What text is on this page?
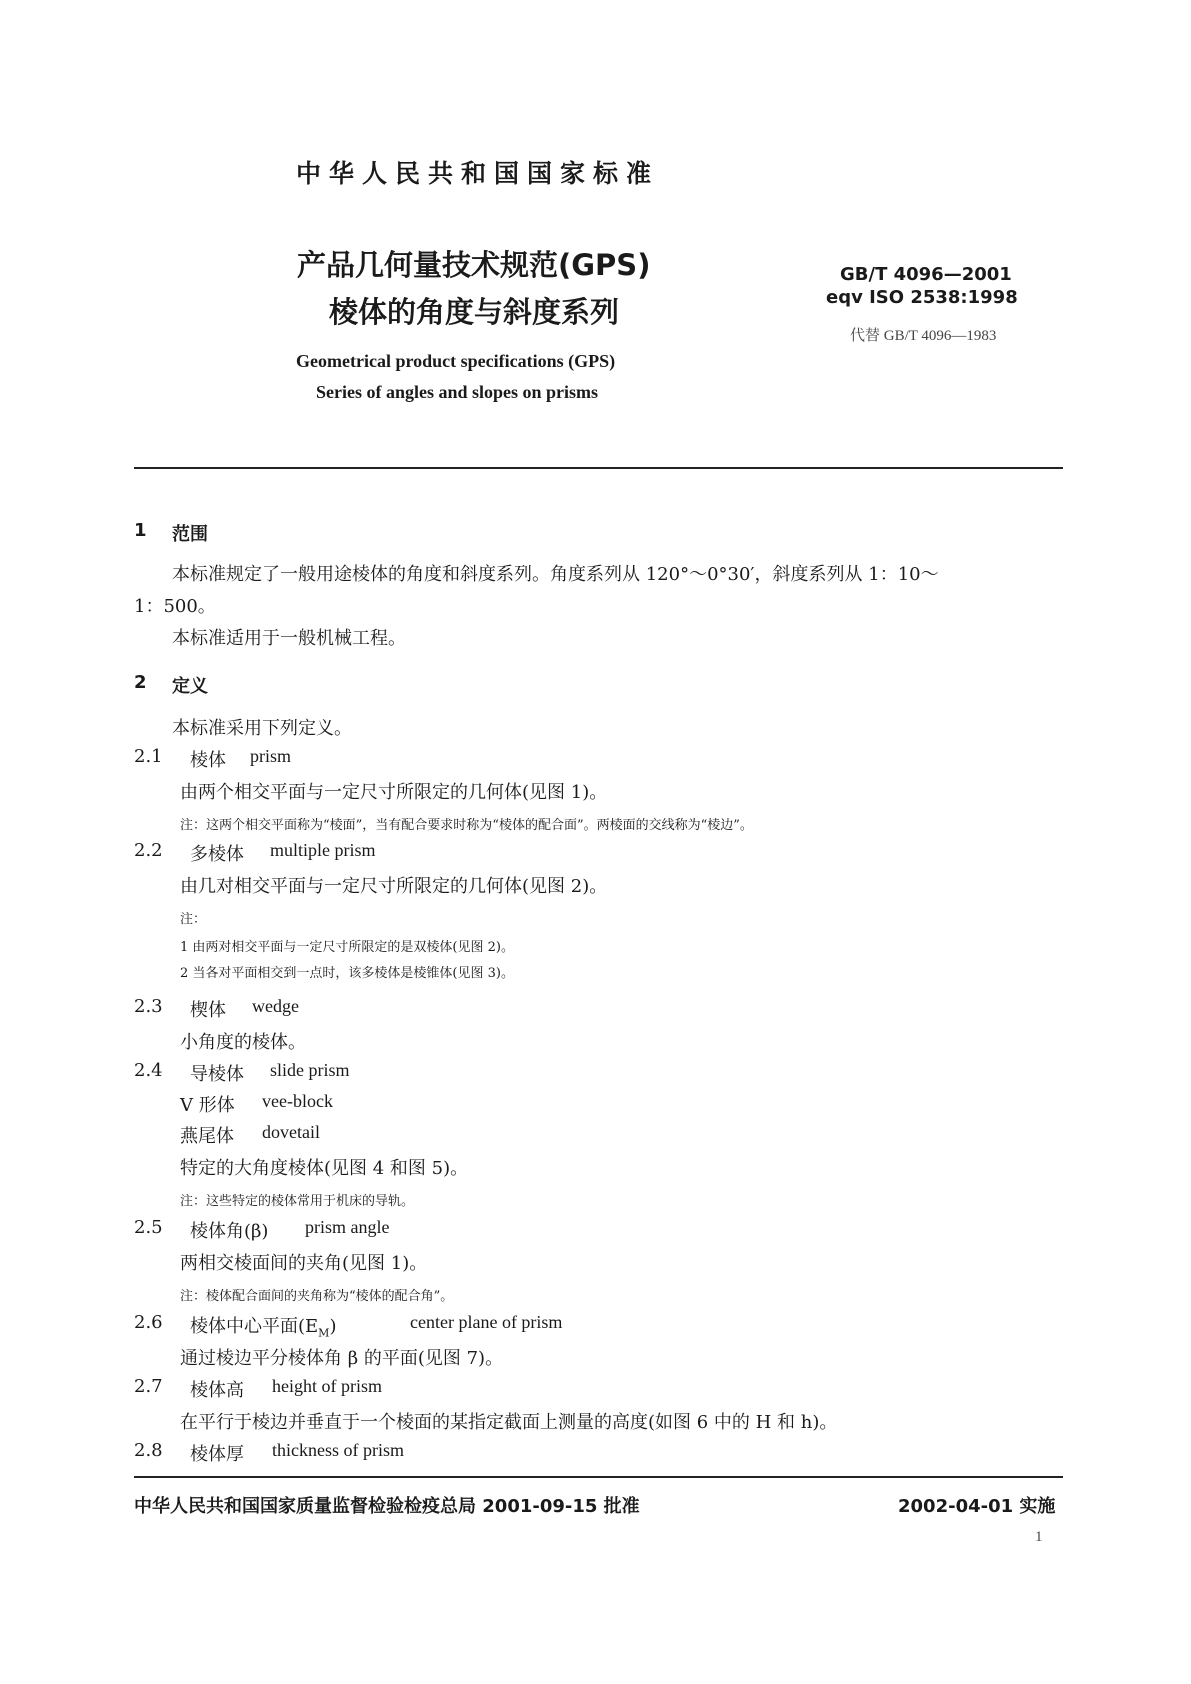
中华人民共和国国家标准
产品几何量技术规范(GPS)
棱体的角度与斜度系列
Geometrical product specifications (GPS)
Series of angles and slopes on prisms
GB/T 4096—2001
eqv ISO 2538:1998
代替 GB/T 4096—1983
1 范围
本标准规定了一般用途棱体的角度和斜度系列。角度系列从 120°～0°30′，斜度系列从 1：10～
1：500。
本标准适用于一般机械工程。
2 定义
本标准采用下列定义。
2.1 棱体 prism
由两个相交平面与一定尺寸所限定的几何体(见图 1)。
注：这两个相交平面称为“棱面”，当有配合要求时称为“棱体的配合面”。两棱面的交线称为“棱边”。
2.2 多棱体 multiple prism
由几对相交平面与一定尺寸所限定的几何体(见图 2)。
注：
1 由两对相交平面与一定尺寸所限定的是双棱体(见图 2)。
2 当各对平面相交到一点时，该多棱体是棱锥体(见图 3)。
2.3 楔体 wedge
小角度的棱体。
2.4 导棱体 slide prism
V 形体 vee-block
燕尾体 dovetail
特定的大角度棱体(见图 4 和图 5)。
注：这些特定的棱体常用于机床的导轨。
2.5 棱体角(β) prism angle
两相交棱面间的夹角(见图 1)。
注：棱体配合面间的夹角称为“棱体的配合角”。
2.6 棱体中心平面$(E_M)$	center plane of prism
通过棱边平分棱体角 β 的平面(见图 7)。
2.7 棱体高 height of prism
在平行于棱边并垂直于一个棱面的某指定截面上测量的高度(如图 6 中的 H 和 h)。
2.8 棱体厚 thickness of prism
中华人民共和国国家质量监督检验检疫总局 2001-09-15 批准	2002-04-01 实施
1
